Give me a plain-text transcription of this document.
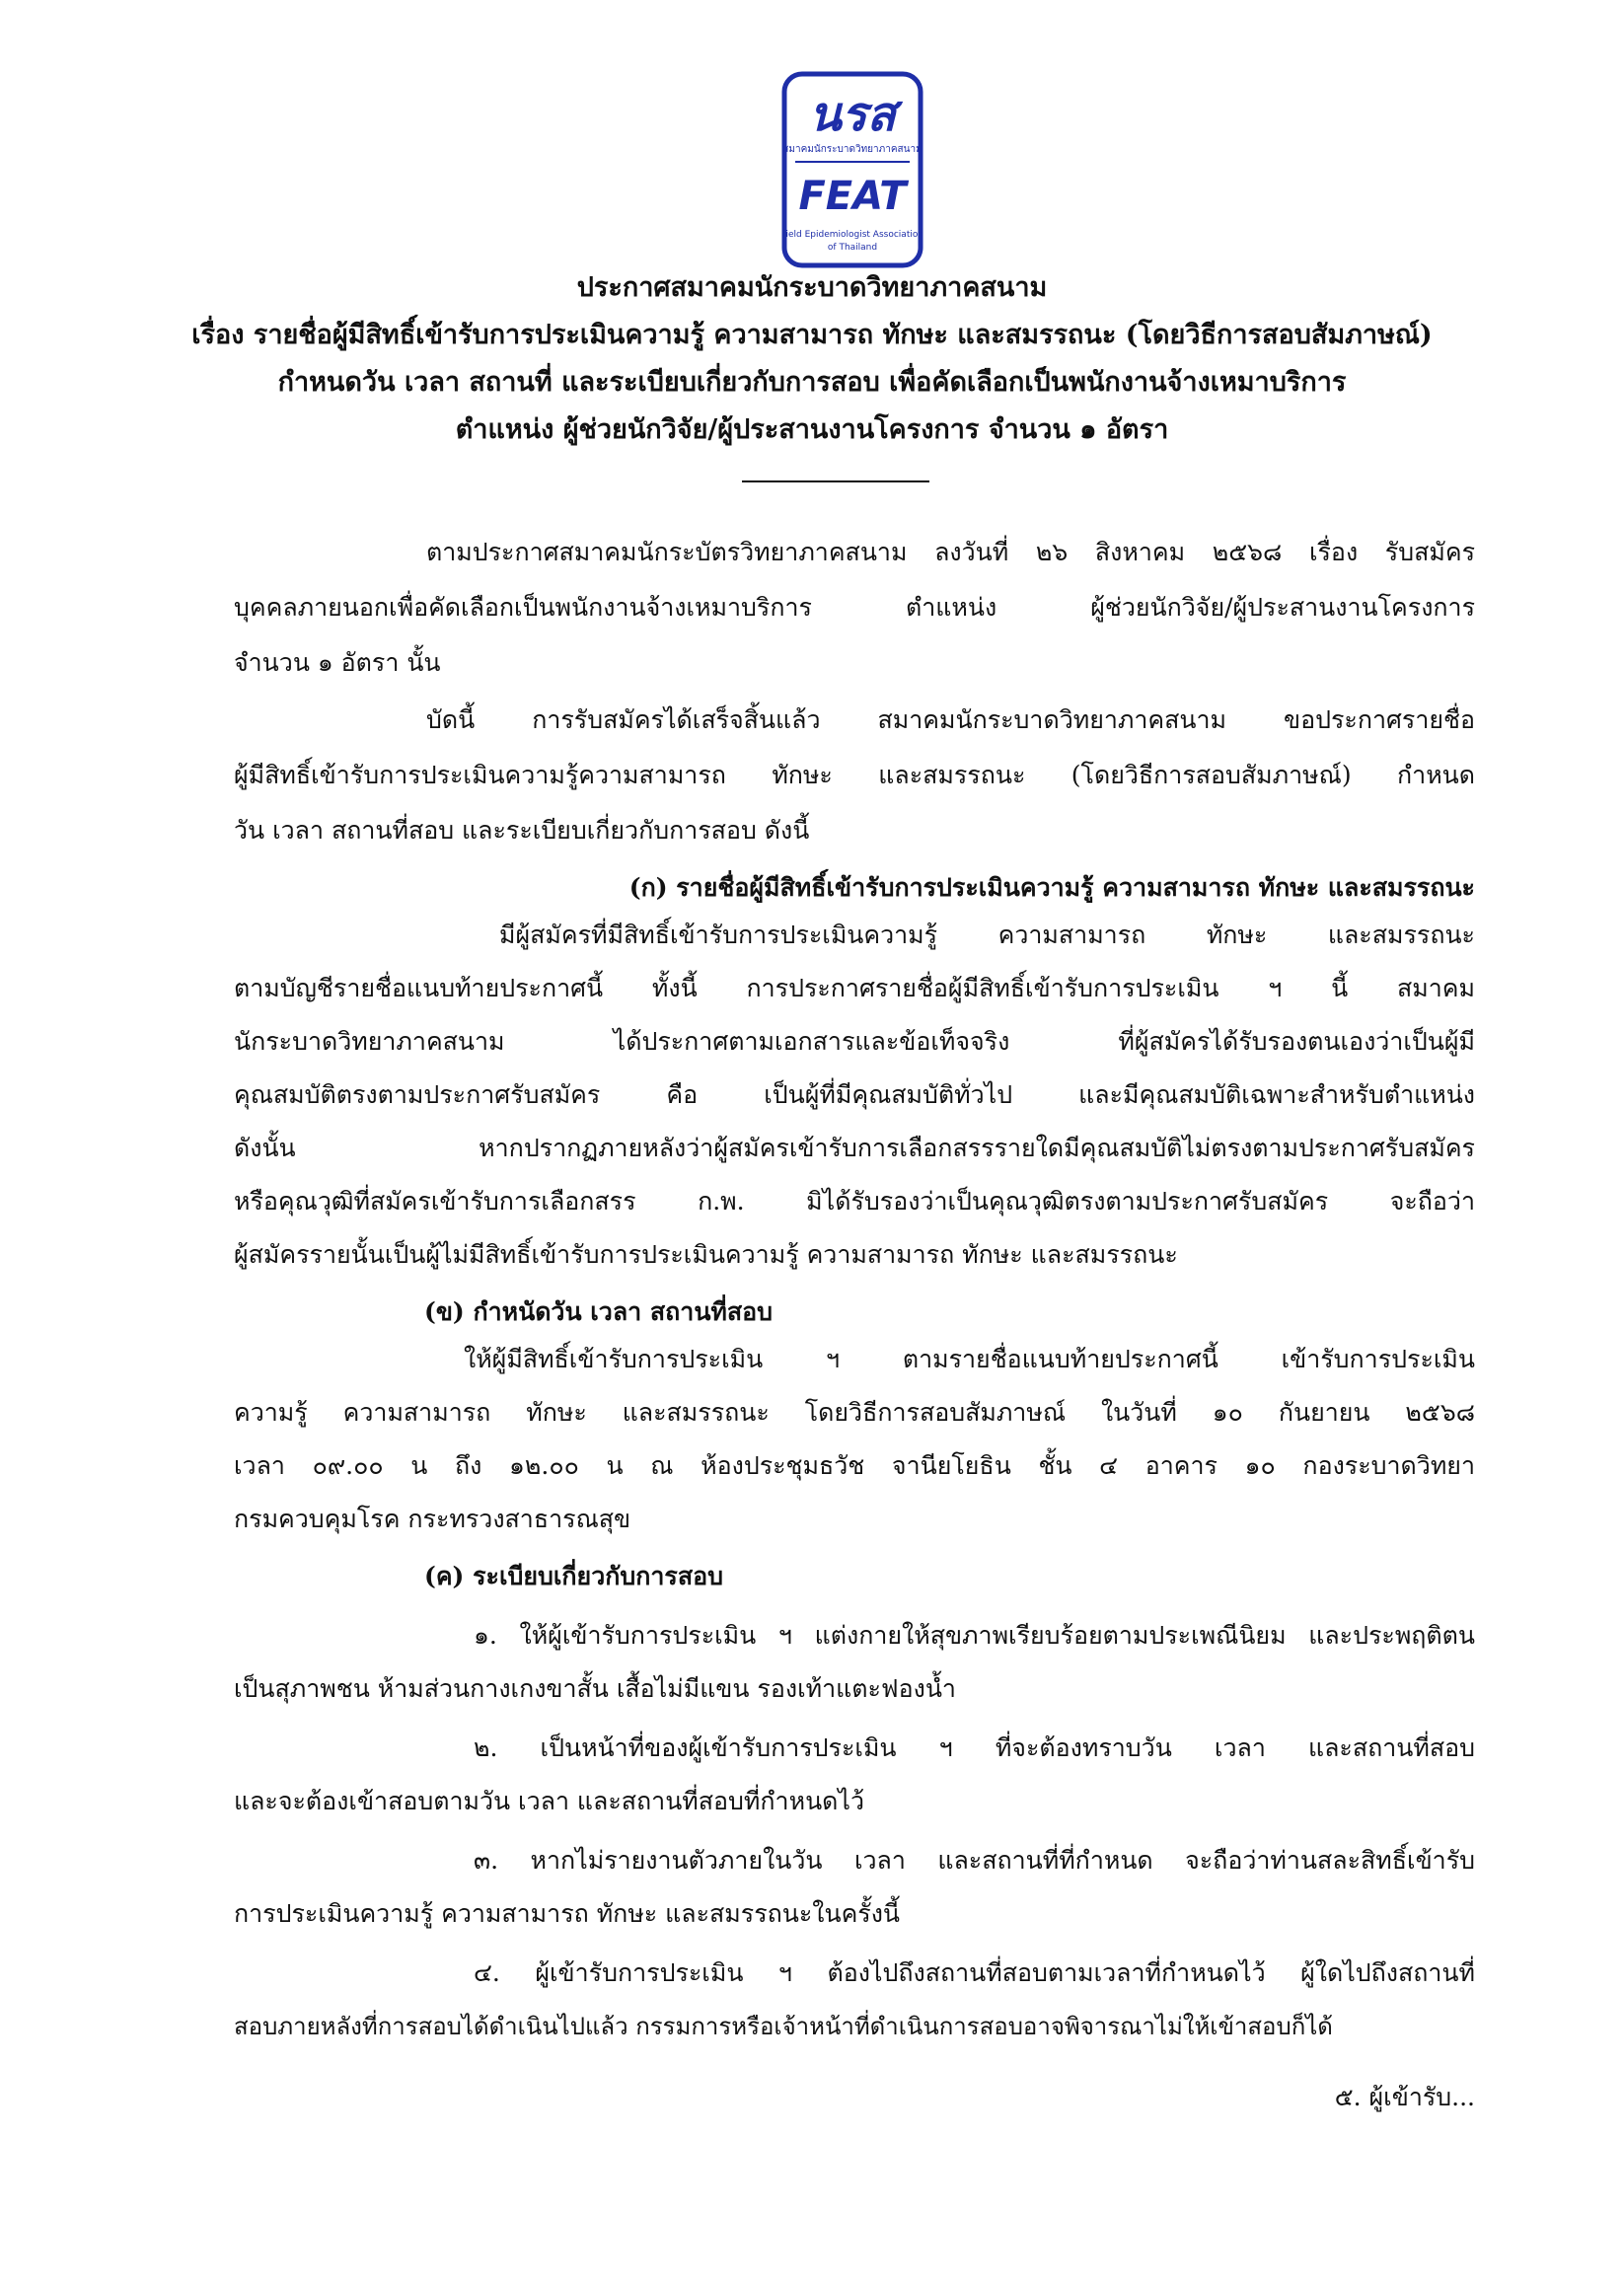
นรส
สมาคมนักระบาดวิทยาภาคสนาม
FEAT
Field Epidemiologist Association
of Thailand
ประกาศสมาคมนักระบาดวิทยาภาคสนาม
เรื่อง รายชื่อผู้มีสิทธิ์เข้ารับการประเมินความรู้ ความสามารถ ทักษะ และสมรรถนะ (โดยวิธีการสอบสัมภาษณ์)
กำหนดวัน เวลา สถานที่ และระเบียบเกี่ยวกับการสอบ เพื่อคัดเลือกเป็นพนักงานจ้างเหมาบริการ
ตำแหน่ง ผู้ช่วยนักวิจัย/ผู้ประสานงานโครงการ จำนวน ๑ อัตรา
ตามประกาศสมาคมนักระบัตรวิทยาภาคสนาม ลงวันที่ ๒๖ สิงหาคม ๒๕๖๘ เรื่อง รับสมัคร
บุคคลภายนอกเพื่อคัดเลือกเป็นพนักงานจ้างเหมาบริการ ตำแหน่ง ผู้ช่วยนักวิจัย/ผู้ประสานงานโครงการ
จำนวน ๑ อัตรา นั้น
บัดนี้ การรับสมัครได้เสร็จสิ้นแล้ว สมาคมนักระบาดวิทยาภาคสนาม ขอประกาศรายชื่อ
ผู้มีสิทธิ์เข้ารับการประเมินความรู้ความสามารถ ทักษะ และสมรรถนะ (โดยวิธีการสอบสัมภาษณ์) กำหนด
วัน เวลา สถานที่สอบ และระเบียบเกี่ยวกับการสอบ ดังนี้
(ก) รายชื่อผู้มีสิทธิ์เข้ารับการประเมินความรู้ ความสามารถ ทักษะ และสมรรถนะ
มีผู้สมัครที่มีสิทธิ์เข้ารับการประเมินความรู้ ความสามารถ ทักษะ และสมรรถนะ
ตามบัญชีรายชื่อแนบท้ายประกาศนี้ ทั้งนี้ การประกาศรายชื่อผู้มีสิทธิ์เข้ารับการประเมิน ฯ นี้ สมาคม
นักระบาดวิทยาภาคสนาม ได้ประกาศตามเอกสารและข้อเท็จจริง ที่ผู้สมัครได้รับรองตนเองว่าเป็นผู้มี
คุณสมบัติตรงตามประกาศรับสมัคร คือ เป็นผู้ที่มีคุณสมบัติทั่วไป และมีคุณสมบัติเฉพาะสำหรับตำแหน่ง
ดังนั้น หากปรากฏภายหลังว่าผู้สมัครเข้ารับการเลือกสรรรายใดมีคุณสมบัติไม่ตรงตามประกาศรับสมัคร
หรือคุณวุฒิที่สมัครเข้ารับการเลือกสรร ก.พ. มิได้รับรองว่าเป็นคุณวุฒิตรงตามประกาศรับสมัคร จะถือว่า
ผู้สมัครรายนั้นเป็นผู้ไม่มีสิทธิ์เข้ารับการประเมินความรู้ ความสามารถ ทักษะ และสมรรถนะ
(ข) กำหนัดวัน เวลา สถานที่สอบ
ให้ผู้มีสิทธิ์เข้ารับการประเมิน ฯ ตามรายชื่อแนบท้ายประกาศนี้ เข้ารับการประเมิน
ความรู้ ความสามารถ ทักษะ และสมรรถนะ โดยวิธีการสอบสัมภาษณ์ ในวันที่ ๑๐ กันยายน ๒๕๖๘
เวลา ๐๙.๐๐ น ถึง ๑๒.๐๐ น ณ ห้องประชุมธวัช จานียโยธิน ชั้น ๔ อาคาร ๑๐ กองระบาดวิทยา
กรมควบคุมโรค กระทรวงสาธารณสุข
(ค) ระเบียบเกี่ยวกับการสอบ
๑. ให้ผู้เข้ารับการประเมิน ฯ แต่งกายให้สุขภาพเรียบร้อยตามประเพณีนิยม และประพฤติตน
เป็นสุภาพชน ห้ามส่วนกางเกงขาสั้น เสื้อไม่มีแขน รองเท้าแตะฟองน้ำ
๒. เป็นหน้าที่ของผู้เข้ารับการประเมิน ฯ ที่จะต้องทราบวัน เวลา และสถานที่สอบ
และจะต้องเข้าสอบตามวัน เวลา และสถานที่สอบที่กำหนดไว้
๓. หากไม่รายงานตัวภายในวัน เวลา และสถานที่ที่กำหนด จะถือว่าท่านสละสิทธิ์เข้ารับ
การประเมินความรู้ ความสามารถ ทักษะ และสมรรถนะในครั้งนี้
๔. ผู้เข้ารับการประเมิน ฯ ต้องไปถึงสถานที่สอบตามเวลาที่กำหนดไว้ ผู้ใดไปถึงสถานที่
สอบภายหลังที่การสอบได้ดำเนินไปแล้ว กรรมการหรือเจ้าหน้าที่ดำเนินการสอบอาจพิจารณาไม่ให้เข้าสอบก็ได้
๕. ผู้เข้ารับ...
